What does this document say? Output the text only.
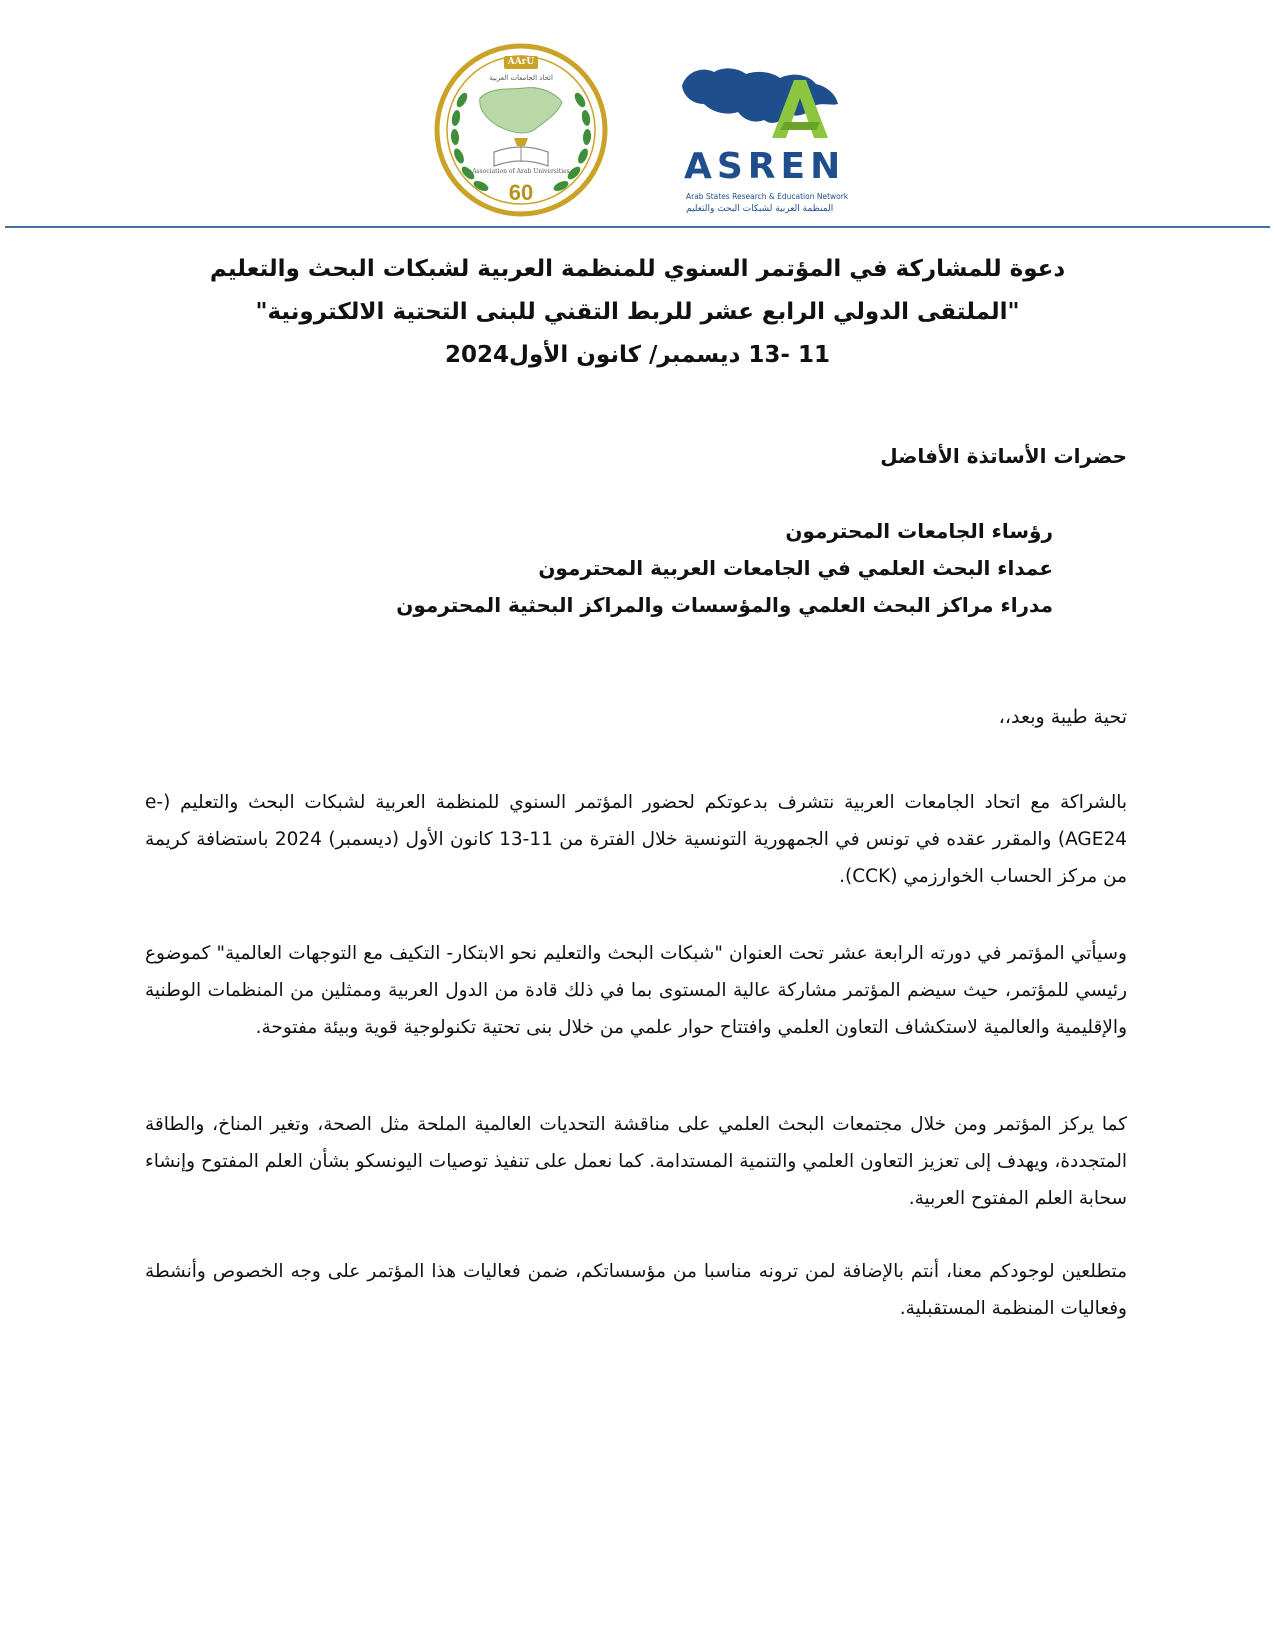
AArU
اتحاد الجامعات العربية
Association of Arab Universities
60
ASREN
Arab States Research & Education Network
المنظمة العربية لشبكات البحث والتعليم
دعوة للمشاركة في المؤتمر السنوي للمنظمة العربية لشبكات البحث والتعليم
"الملتقى الدولي الرابع عشر للربط التقني للبنى التحتية الالكترونية"
11 -13 ديسمبر/ كانون الأول2024
حضرات الأساتذة الأفاضل
رؤساء الجامعات المحترمون
عمداء البحث العلمي في الجامعات العربية المحترمون
مدراء مراكز البحث العلمي والمؤسسات والمراكز البحثية المحترمون
تحية طيبة وبعد،،
بالشراكة مع اتحاد الجامعات العربية نتشرف بدعوتكم لحضور المؤتمر السنوي للمنظمة العربية لشبكات البحث والتعليم (e-AGE24) والمقرر عقده في تونس في الجمهورية التونسية خلال الفترة من 11-13 كانون الأول (ديسمبر) 2024 باستضافة كريمة من مركز الحساب الخوارزمي (CCK).
وسيأتي المؤتمر في دورته الرابعة عشر تحت العنوان "شبكات البحث والتعليم نحو الابتكار- التكيف مع التوجهات العالمية" كموضوع رئيسي للمؤتمر، حيث سيضم المؤتمر مشاركة عالية المستوى بما في ذلك قادة من الدول العربية وممثلين من المنظمات الوطنية والإقليمية والعالمية لاستكشاف التعاون العلمي وافتتاح حوار علمي من خلال بنى تحتية تكنولوجية قوية وبيئة مفتوحة.
كما يركز المؤتمر ومن خلال مجتمعات البحث العلمي على مناقشة التحديات العالمية الملحة مثل الصحة، وتغير المناخ، والطاقة المتجددة، ويهدف إلى تعزيز التعاون العلمي والتنمية المستدامة. كما نعمل على تنفيذ توصيات اليونسكو بشأن العلم المفتوح وإنشاء سحابة العلم المفتوح العربية.
متطلعين لوجودكم معنا، أنتم بالإضافة لمن ترونه مناسبا من مؤسساتكم، ضمن فعاليات هذا المؤتمر على وجه الخصوص وأنشطة وفعاليات المنظمة المستقبلية.
